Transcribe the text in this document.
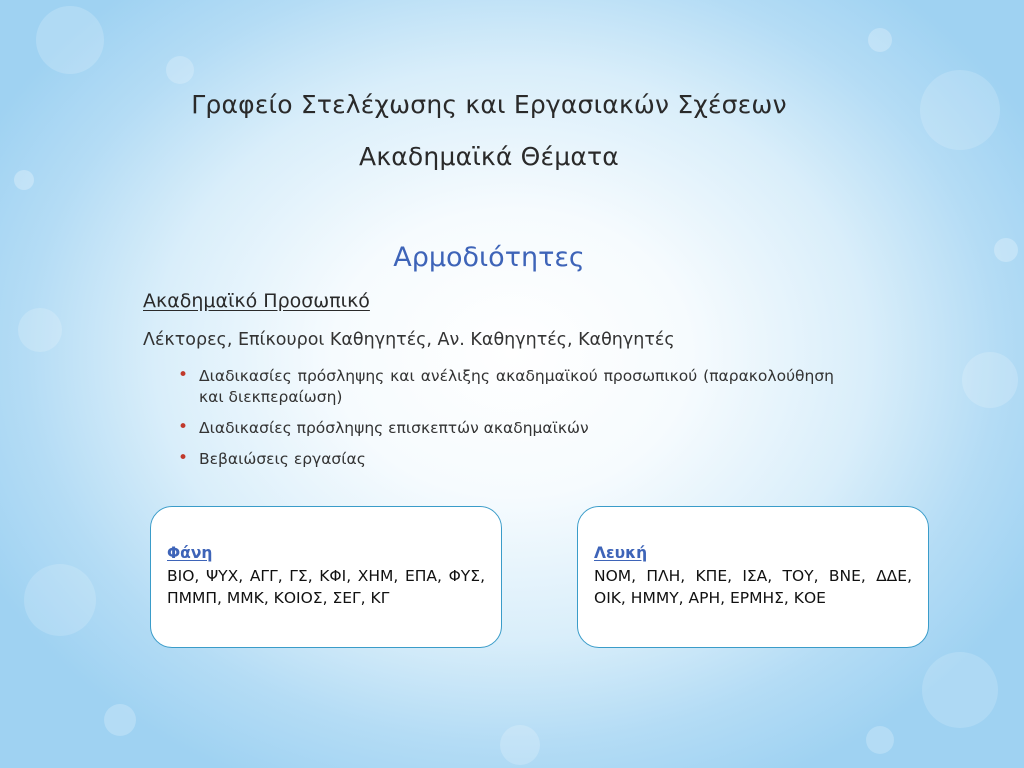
Γραφείο Στελέχωσης και Εργασιακών Σχέσεων
Ακαδημαϊκά Θέματα
Αρμοδιότητες
Ακαδημαϊκό Προσωπικό
Λέκτορες, Επίκουροι Καθηγητές, Αν. Καθηγητές, Καθηγητές
• Διαδικασίες πρόσληψης και ανέλιξης ακαδημαϊκού προσωπικού (παρακολούθηση και διεκπεραίωση)
• Διαδικασίες πρόσληψης επισκεπτών ακαδημαϊκών
• Βεβαιώσεις εργασίας
Φάνη
ΒΙΟ, ΨΥΧ, ΑΓΓ, ΓΣ, ΚΦΙ, ΧΗΜ, ΕΠΑ, ΦΥΣ, ΠΜΜΠ, ΜΜΚ, ΚΟΙΟΣ, ΣΕΓ, ΚΓ
Λευκή
ΝΟΜ, ΠΛΗ, ΚΠΕ, ΙΣΑ, ΤΟΥ, ΒΝΕ, ΔΔΕ, ΟΙΚ, ΗΜΜΥ, ΑΡΗ, ΕΡΜΗΣ, ΚΟΕ
